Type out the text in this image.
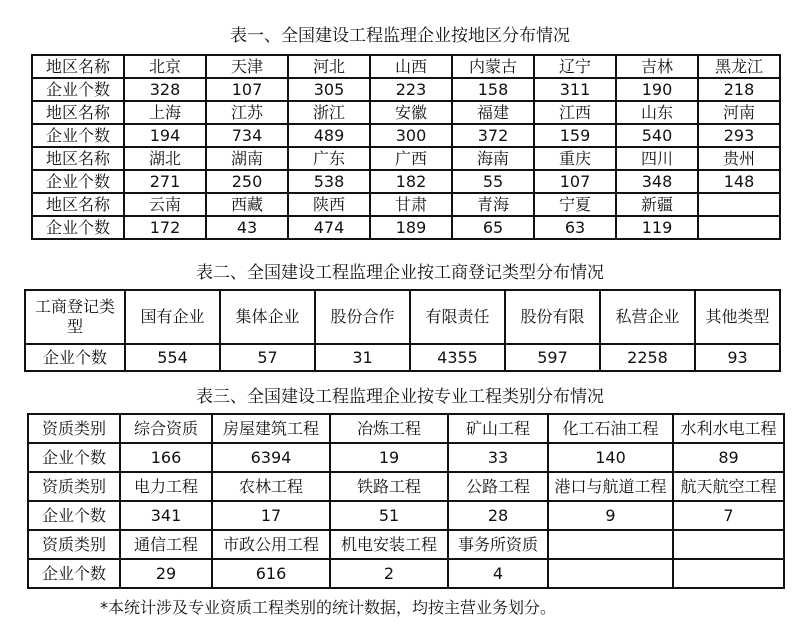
表一、全国建设工程监理企业按地区分布情况
地区名称	北京	天津	河北	山西	内蒙古	辽宁	吉林	黑龙江
企业个数	328	107	305	223	158	311	190	218
地区名称	上海	江苏	浙江	安徽	福建	江西	山东	河南
企业个数	194	734	489	300	372	159	540	293
地区名称	湖北	湖南	广东	广西	海南	重庆	四川	贵州
企业个数	271	250	538	182	55	107	348	148
地区名称	云南	西藏	陕西	甘肃	青海	宁夏	新疆	
企业个数	172	43	474	189	65	63	119	
表二、全国建设工程监理企业按工商登记类型分布情况
工商登记类型	国有企业	集体企业	股份合作	有限责任	股份有限	私营企业	其他类型
企业个数	554	57	31	4355	597	2258	93
表三、全国建设工程监理企业按专业工程类别分布情况
资质类别	综合资质	房屋建筑工程	冶炼工程	矿山工程	化工石油工程	水利水电工程
企业个数	166	6394	19	33	140	89
资质类别	电力工程	农林工程	铁路工程	公路工程	港口与航道工程	航天航空工程
企业个数	341	17	51	28	9	7
资质类别	通信工程	市政公用工程	机电安装工程	事务所资质		
企业个数	29	616	2	4		
*本统计涉及专业资质工程类别的统计数据，均按主营业务划分。
